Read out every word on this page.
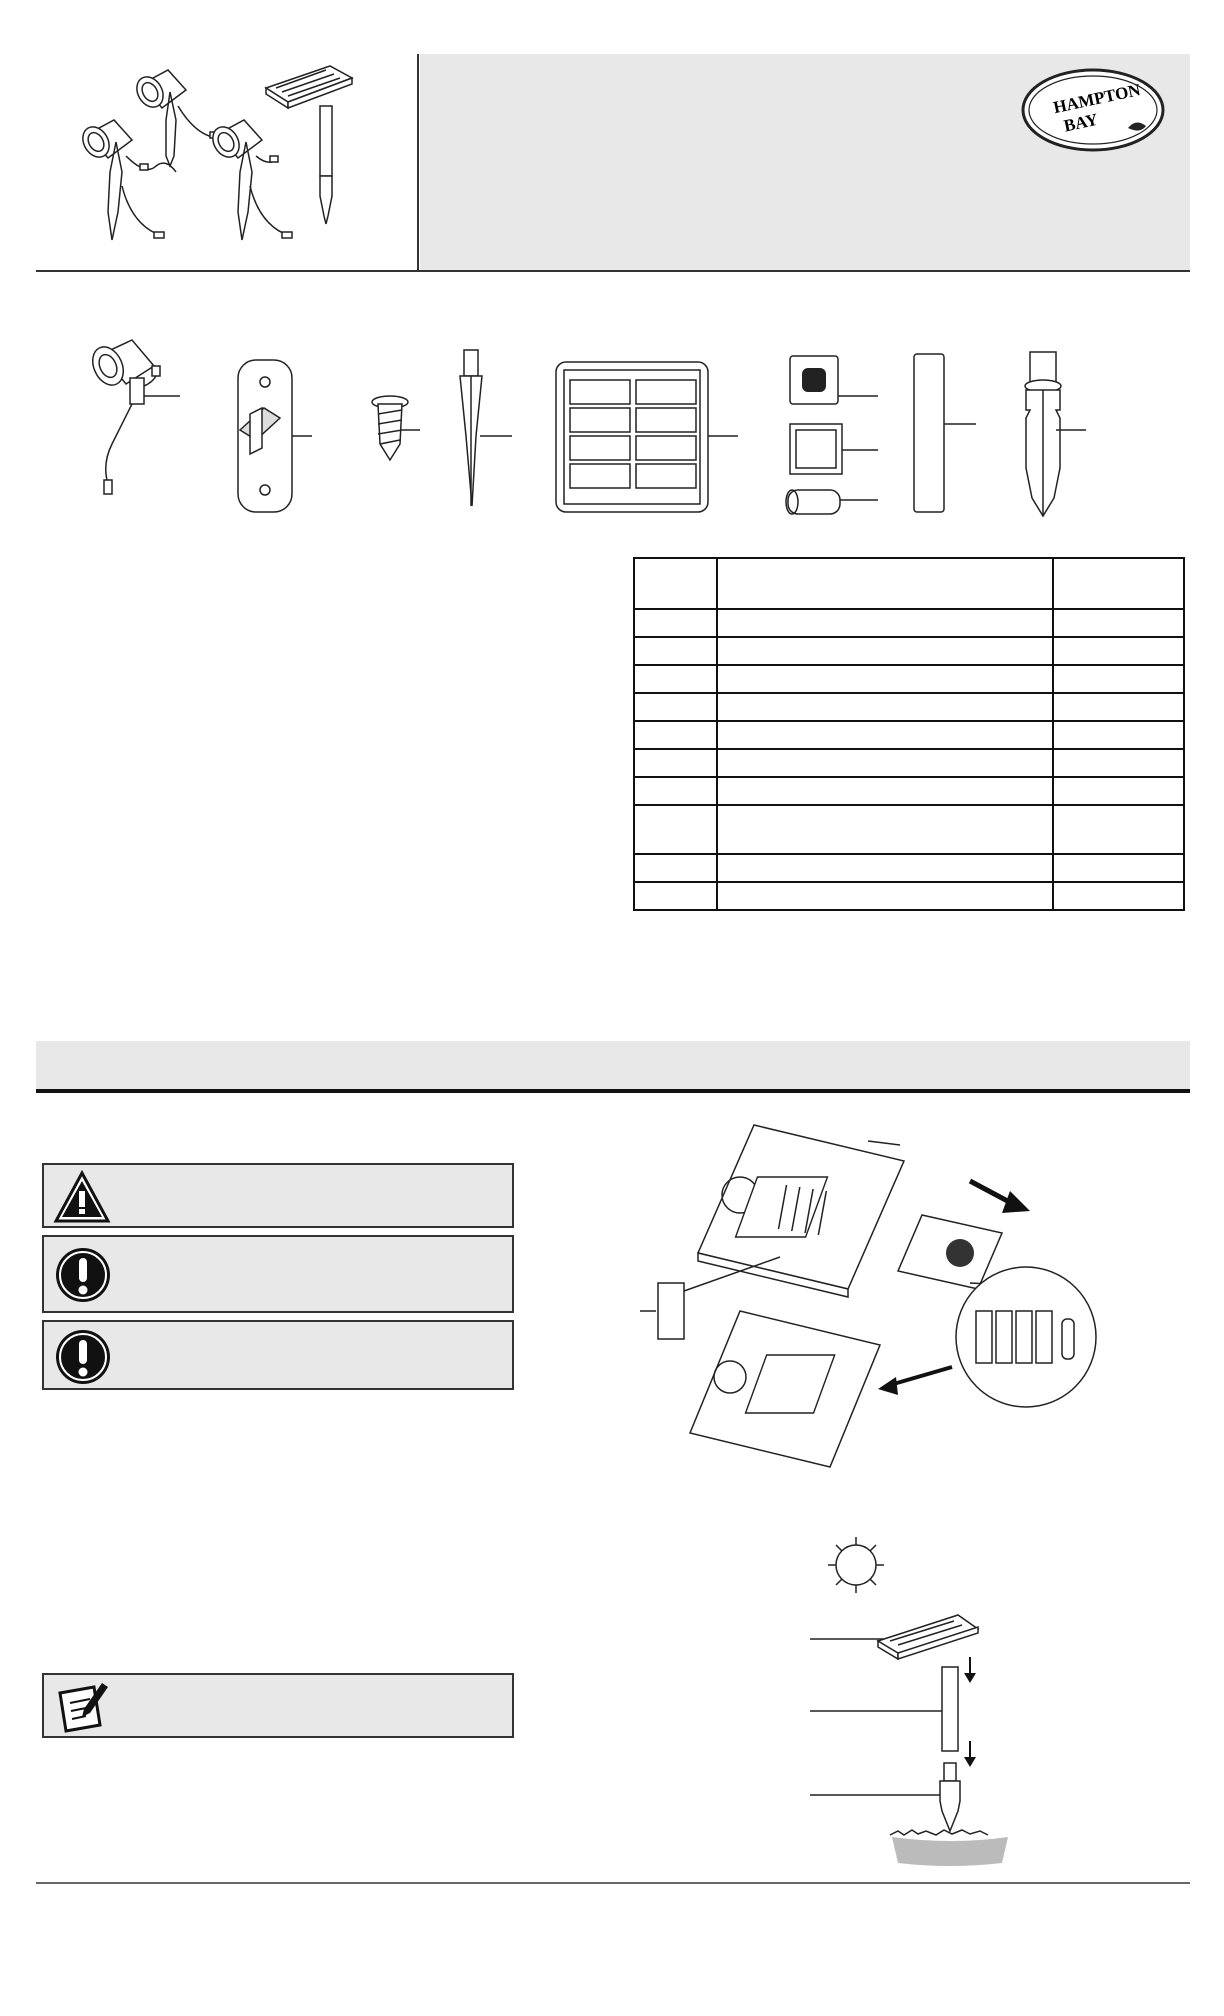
HAMPTON
BAY
